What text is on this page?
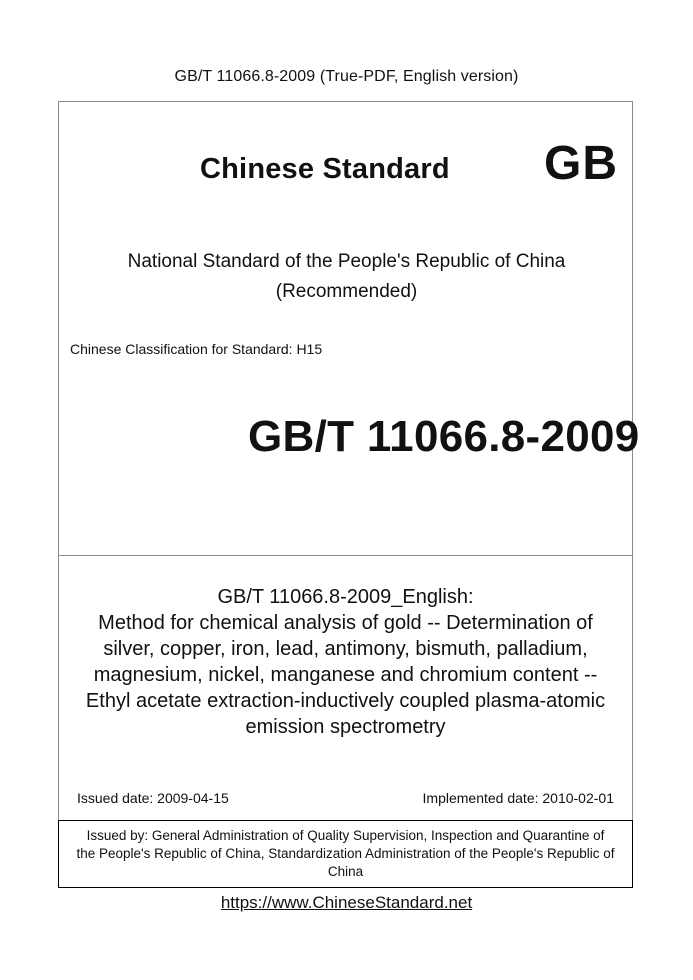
GB/T 11066.8-2009 (True-PDF, English version)
Chinese Standard GB
National Standard of the People's Republic of China
(Recommended)
Chinese Classification for Standard: H15
GB/T 11066.8-2009
GB/T 11066.8-2009_English:
Method for chemical analysis of gold -- Determination of
silver, copper, iron, lead, antimony, bismuth, palladium,
magnesium, nickel, manganese and chromium content --
Ethyl acetate extraction-inductively coupled plasma-atomic
emission spectrometry
Issued date: 2009-04-15	Implemented date: 2010-02-01
Issued by: General Administration of Quality Supervision, Inspection and Quarantine of
the People's Republic of China, Standardization Administration of the People's Republic of
China
https://www.ChineseStandard.net
